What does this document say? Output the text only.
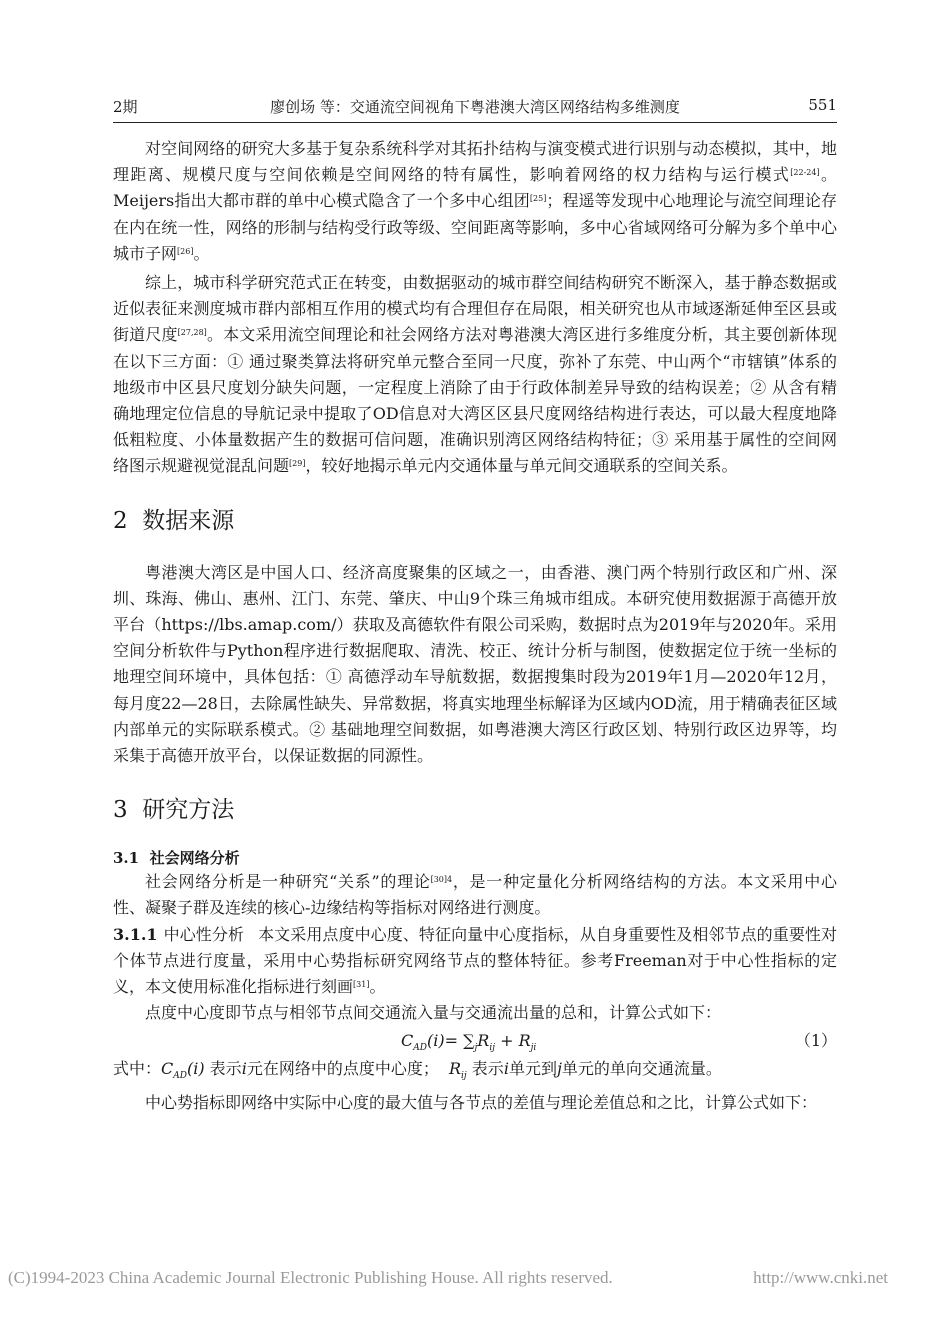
2期	廖创场 等：交通流空间视角下粤港澳大湾区网络结构多维测度	551

对空间网络的研究大多基于复杂系统科学对其拓扑结构与演变模式进行识别与动态模拟，其中，地理距离、规模尺度与空间依赖是空间网络的特有属性，影响着网络的权力结构与运行模式[22-24]。Meijers指出大都市群的单中心模式隐含了一个多中心组团[25]；程遥等发现中心地理论与流空间理论存在内在统一性，网络的形制与结构受行政等级、空间距离等影响，多中心省域网络可分解为多个单中心城市子网[26]。

综上，城市科学研究范式正在转变，由数据驱动的城市群空间结构研究不断深入，基于静态数据或近似表征来测度城市群内部相互作用的模式均有合理但存在局限，相关研究也从市域逐渐延伸至区县或街道尺度[27,28]。本文采用流空间理论和社会网络方法对粤港澳大湾区进行多维度分析，其主要创新体现在以下三方面：① 通过聚类算法将研究单元整合至同一尺度，弥补了东莞、中山两个“市辖镇”体系的地级市中区县尺度划分缺失问题，一定程度上消除了由于行政体制差异导致的结构误差；② 从含有精确地理定位信息的导航记录中提取了OD信息对大湾区区县尺度网络结构进行表达，可以最大程度地降低粗粒度、小体量数据产生的数据可信问题，准确识别湾区网络结构特征；③ 采用基于属性的空间网络图示规避视觉混乱问题[29]，较好地揭示单元内交通体量与单元间交通联系的空间关系。

2 数据来源

粤港澳大湾区是中国人口、经济高度聚集的区域之一，由香港、澳门两个特别行政区和广州、深圳、珠海、佛山、惠州、江门、东莞、肇庆、中山9个珠三角城市组成。本研究使用数据源于高德开放平台（https://lbs.amap.com/）获取及高德软件有限公司采购，数据时点为2019年与2020年。采用空间分析软件与Python程序进行数据爬取、清洗、校正、统计分析与制图，使数据定位于统一坐标的地理空间环境中，具体包括：① 高德浮动车导航数据，数据搜集时段为2019年1月—2020年12月，每月度22—28日，去除属性缺失、异常数据，将真实地理坐标解译为区域内OD流，用于精确表征区域内部单元的实际联系模式。② 基础地理空间数据，如粤港澳大湾区行政区划、特别行政区边界等，均采集于高德开放平台，以保证数据的同源性。

3 研究方法
3.1 社会网络分析

社会网络分析是一种研究“关系”的理论$^{[30]4}$，是一种定量化分析网络结构的方法。本文采用中心性、凝聚子群及连续的核心-边缘结构等指标对网络进行测度。

3.1.1 中心性分析 本文采用点度中心度、特征向量中心度指标，从自身重要性及相邻节点的重要性对个体节点进行度量，采用中心势指标研究网络节点的整体特征。参考Freeman对于中心性指标的定义，本文使用标准化指标进行刻画[31]。

点度中心度即节点与相邻节点间交通流入量与交通流出量的总和，计算公式如下：

$C_{AD}(i)= \sum_jR_{ij} + R_{ji}$	（1）

式中：$C_{AD}(i)$ 表示i元在网络中的点度中心度； $R_{ij}$ 表示i单元到j单元的单向交通流量。

中心势指标即网络中实际中心度的最大值与各节点的差值与理论差值总和之比，计算公式如下：

(C)1994-2023 China Academic Journal Electronic Publishing House. All rights reserved.	http://www.cnki.net
